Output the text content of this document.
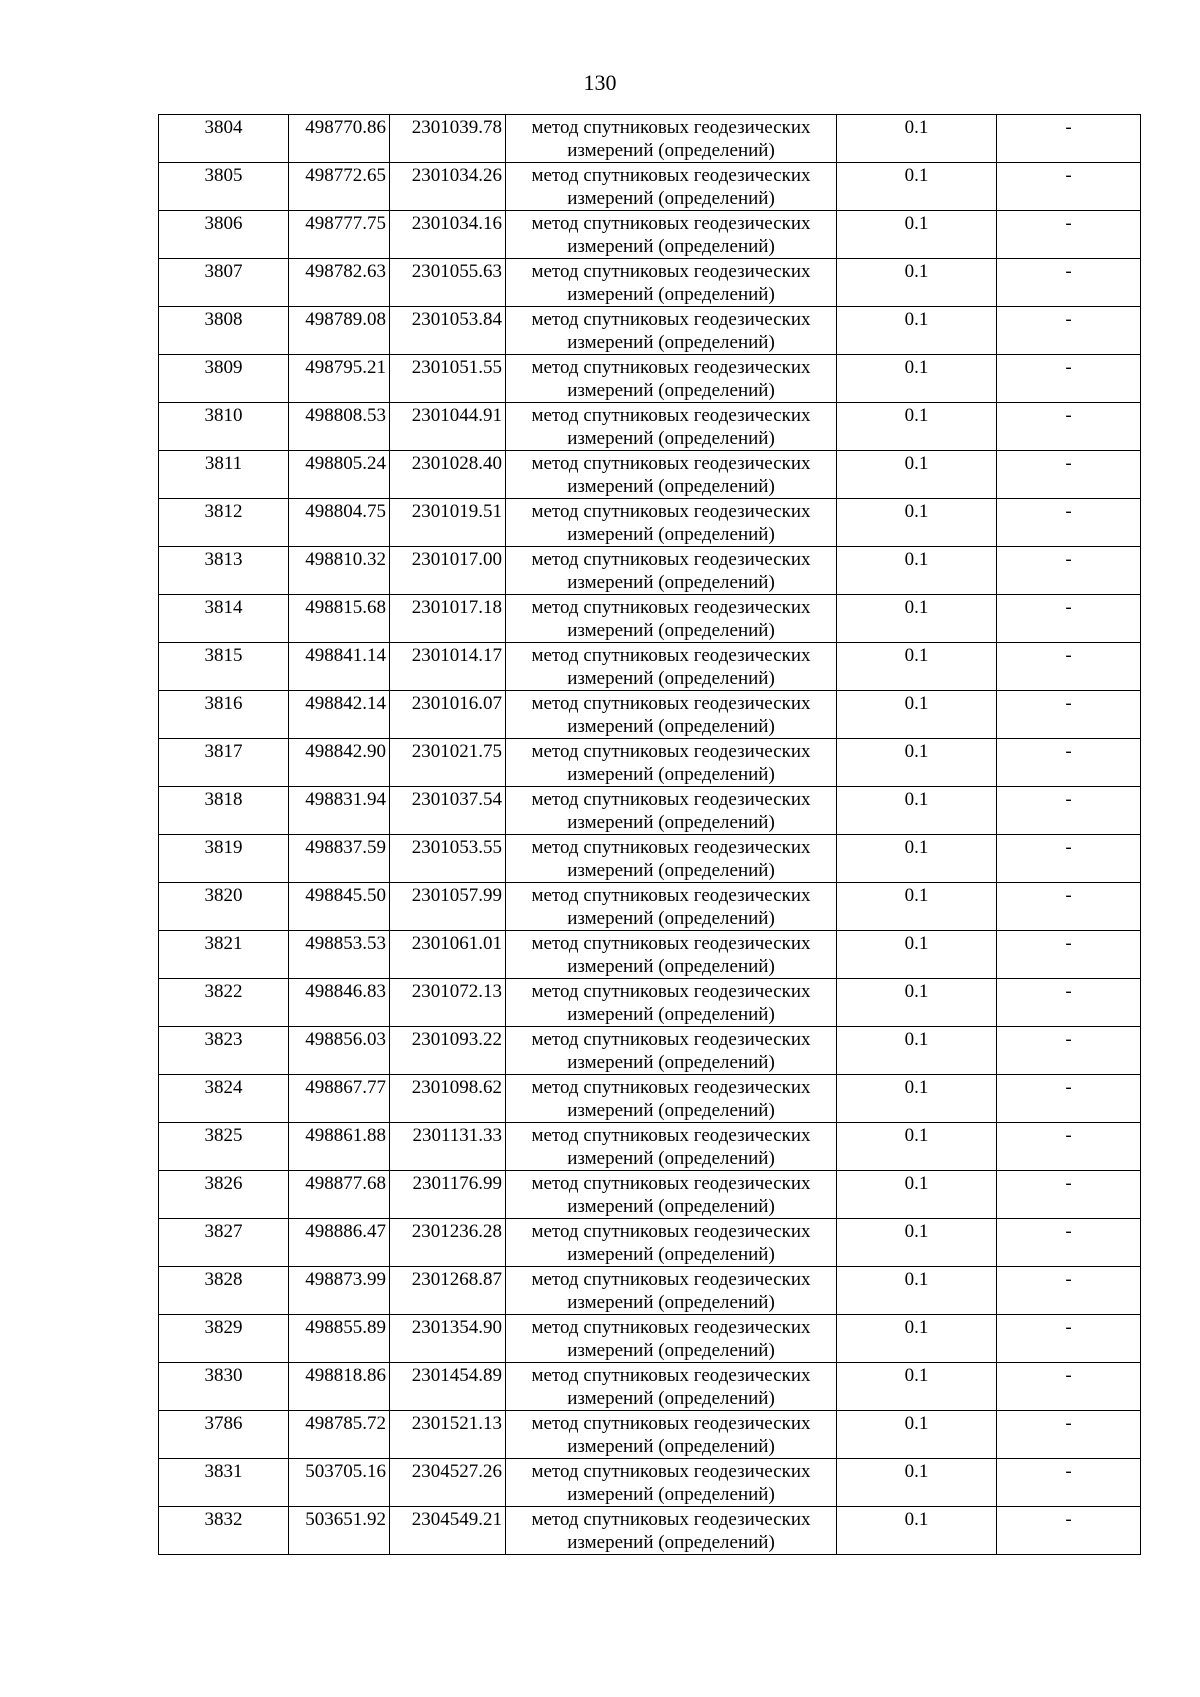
130
3804	498770.86	2301039.78	метод спутниковых геодезических измерений (определений)	0.1	-
3805	498772.65	2301034.26	метод спутниковых геодезических измерений (определений)	0.1	-
3806	498777.75	2301034.16	метод спутниковых геодезических измерений (определений)	0.1	-
3807	498782.63	2301055.63	метод спутниковых геодезических измерений (определений)	0.1	-
3808	498789.08	2301053.84	метод спутниковых геодезических измерений (определений)	0.1	-
3809	498795.21	2301051.55	метод спутниковых геодезических измерений (определений)	0.1	-
3810	498808.53	2301044.91	метод спутниковых геодезических измерений (определений)	0.1	-
3811	498805.24	2301028.40	метод спутниковых геодезических измерений (определений)	0.1	-
3812	498804.75	2301019.51	метод спутниковых геодезических измерений (определений)	0.1	-
3813	498810.32	2301017.00	метод спутниковых геодезических измерений (определений)	0.1	-
3814	498815.68	2301017.18	метод спутниковых геодезических измерений (определений)	0.1	-
3815	498841.14	2301014.17	метод спутниковых геодезических измерений (определений)	0.1	-
3816	498842.14	2301016.07	метод спутниковых геодезических измерений (определений)	0.1	-
3817	498842.90	2301021.75	метод спутниковых геодезических измерений (определений)	0.1	-
3818	498831.94	2301037.54	метод спутниковых геодезических измерений (определений)	0.1	-
3819	498837.59	2301053.55	метод спутниковых геодезических измерений (определений)	0.1	-
3820	498845.50	2301057.99	метод спутниковых геодезических измерений (определений)	0.1	-
3821	498853.53	2301061.01	метод спутниковых геодезических измерений (определений)	0.1	-
3822	498846.83	2301072.13	метод спутниковых геодезических измерений (определений)	0.1	-
3823	498856.03	2301093.22	метод спутниковых геодезических измерений (определений)	0.1	-
3824	498867.77	2301098.62	метод спутниковых геодезических измерений (определений)	0.1	-
3825	498861.88	2301131.33	метод спутниковых геодезических измерений (определений)	0.1	-
3826	498877.68	2301176.99	метод спутниковых геодезических измерений (определений)	0.1	-
3827	498886.47	2301236.28	метод спутниковых геодезических измерений (определений)	0.1	-
3828	498873.99	2301268.87	метод спутниковых геодезических измерений (определений)	0.1	-
3829	498855.89	2301354.90	метод спутниковых геодезических измерений (определений)	0.1	-
3830	498818.86	2301454.89	метод спутниковых геодезических измерений (определений)	0.1	-
3786	498785.72	2301521.13	метод спутниковых геодезических измерений (определений)	0.1	-
3831	503705.16	2304527.26	метод спутниковых геодезических измерений (определений)	0.1	-
3832	503651.92	2304549.21	метод спутниковых геодезических измерений (определений)	0.1	-
